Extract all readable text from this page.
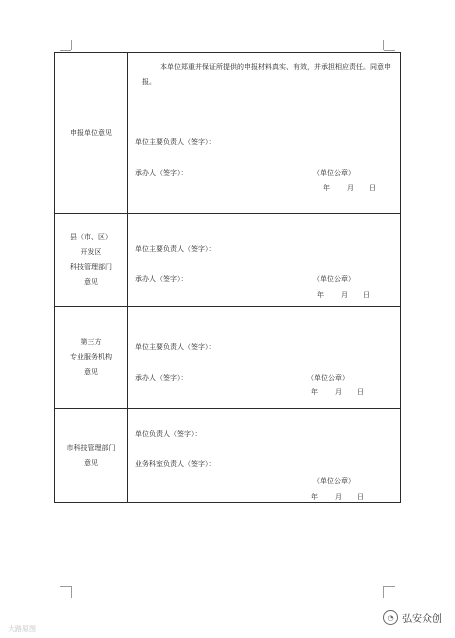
申报单位意见
本单位郑重并保证所提供的申报材料真实、有效，并承担相应责任。同意申报。
单位主要负责人（签字）：
承办人（签字）：	（单位公章）
年 月 日
县（市、区）
开发区
科技管理部门
意见
单位主要负责人（签字）：
承办人（签字）：	（单位公章）
年 月 日
第三方
专业服务机构
意见
单位主要负责人（签字）：
承办人（签字）：	（单位公章）
年 月 日
市科技管理部门
意见
单位负责人（签字）：
业务科室负责人（签字）：
（单位公章）
年 月 日
大路原图
◔ 弘安众创
